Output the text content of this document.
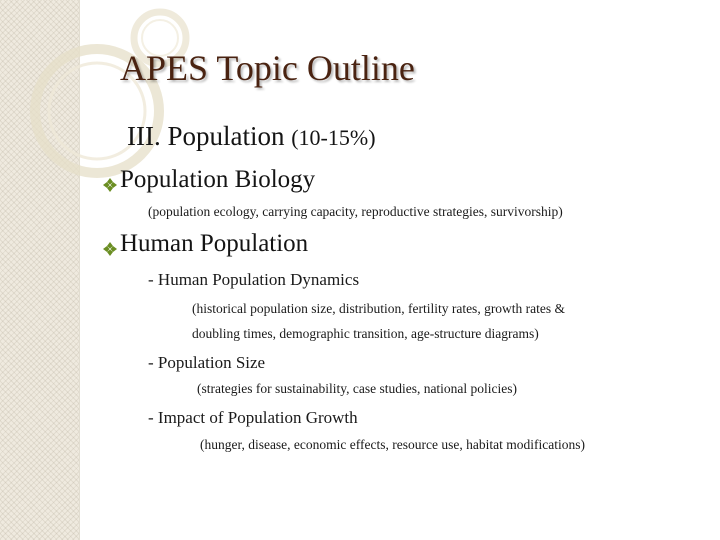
APES Topic Outline
III. Population (10-15%)
Population Biology
(population ecology, carrying capacity, reproductive strategies, survivorship)
Human Population
- Human Population Dynamics
(historical population size, distribution, fertility rates, growth rates &
doubling times, demographic transition, age-structure diagrams)
- Population Size
(strategies for sustainability, case studies, national policies)
- Impact of Population Growth
(hunger, disease, economic effects, resource use, habitat modifications)
